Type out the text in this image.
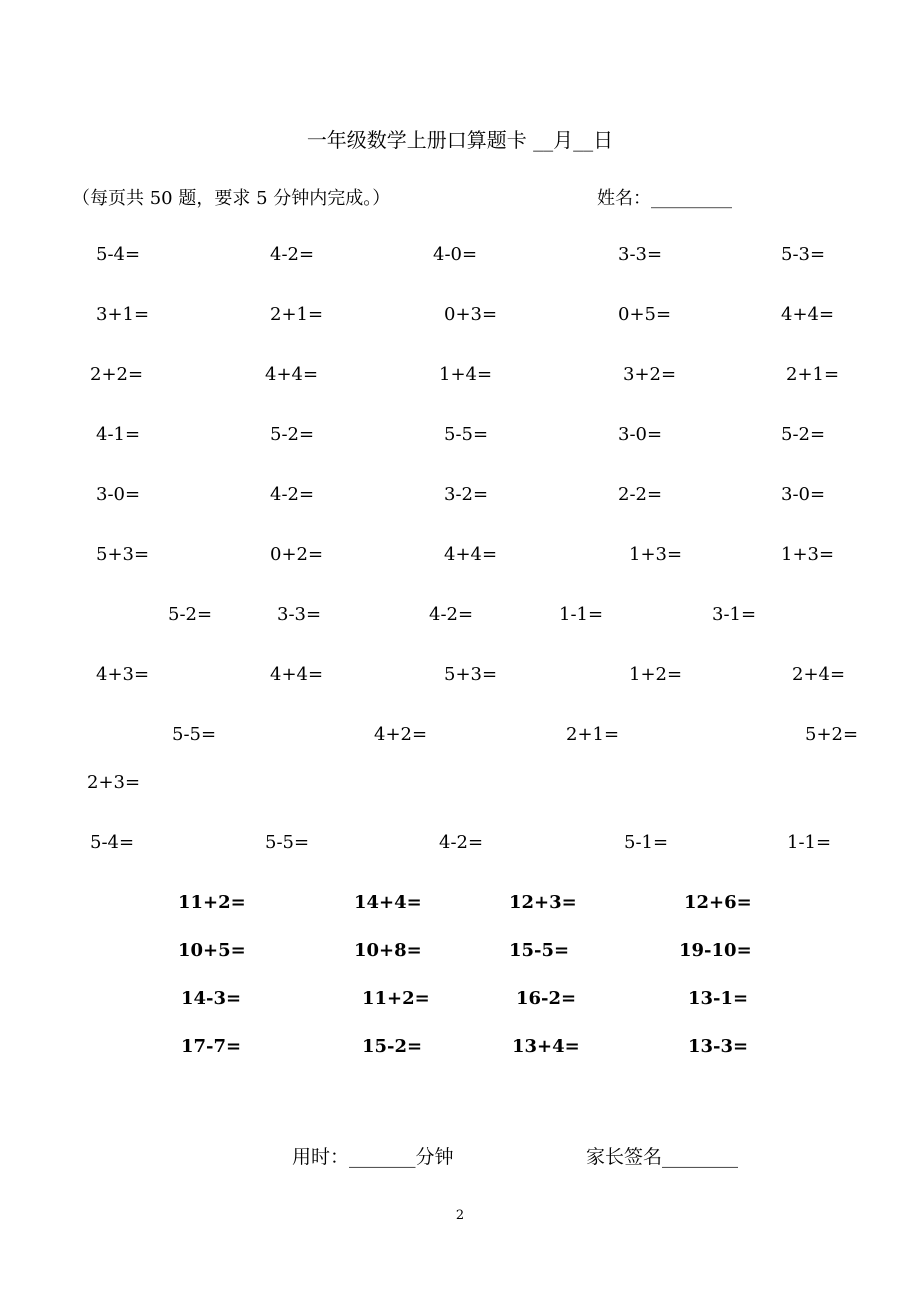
一年级数学上册口算题卡 __月__日
（每页共 50 题，要求 5 分钟内完成。）	姓名：_________
5-4=	4-2=	4-0=	3-3=	5-3=
3+1=	2+1=	0+3=	0+5=	4+4=
2+2=	4+4=	1+4=	3+2=	2+1=
4-1=	5-2=	5-5=	3-0=	5-2=
3-0=	4-2=	3-2=	2-2=	3-0=
5+3=	0+2=	4+4=	1+3=	1+3=
5-2=	3-3=	4-2=	1-1=	3-1=
4+3=	4+4=	5+3=	1+2=	2+4=
5-5=	4+2=	2+1=	5+2=
2+3=
5-4=	5-5=	4-2=	5-1=	1-1=
11+2=	14+4=	12+3=	12+6=
10+5=	10+8=	15-5=	19-10=
14-3=	11+2=	16-2=	13-1=
17-7=	15-2=	13+4=	13-3=
用时：_______分钟	家长签名________
2
